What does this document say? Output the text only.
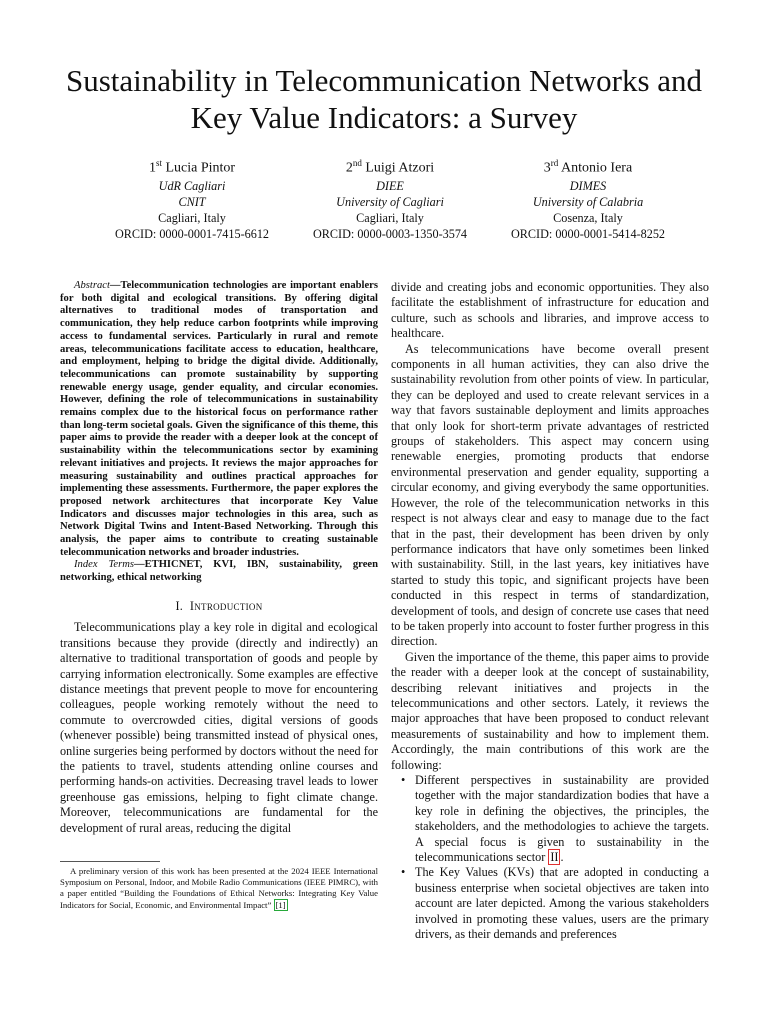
Sustainability in Telecommunication Networks and
Key Value Indicators: a Survey
1st Lucia Pintor
UdR Cagliari
CNIT
Cagliari, Italy
ORCID: 0000-0001-7415-6612
2nd Luigi Atzori
DIEE
University of Cagliari
Cagliari, Italy
ORCID: 0000-0003-1350-3574
3rd Antonio Iera
DIMES
University of Calabria
Cosenza, Italy
ORCID: 0000-0001-5414-8252

Abstract—Telecommunication technologies are important enablers for both digital and ecological transitions. By offering digital alternatives to traditional modes of transportation and communication, they help reduce carbon footprints while improving access to fundamental services. Particularly in rural and remote areas, telecommunications facilitate access to education, healthcare, and employment, helping to bridge the digital divide. Additionally, telecommunications can promote sustainability by supporting renewable energy usage, gender equality, and circular economies. However, defining the role of telecommunications in sustainability remains complex due to the historical focus on performance rather than long-term societal goals. Given the significance of this theme, this paper aims to provide the reader with a deeper look at the concept of sustainability within the telecommunications sector by examining relevant initiatives and projects. It reviews the major approaches for measuring sustainability and outlines practical approaches for implementing these assessments. Furthermore, the paper explores the proposed network architectures that incorporate Key Value Indicators and discusses major technologies in this area, such as Network Digital Twins and Intent-Based Networking. Through this analysis, the paper aims to contribute to creating sustainable telecommunication networks and broader industries.

Index Terms—ETHICNET, KVI, IBN, sustainability, green networking, ethical networking

I. Introduction

Telecommunications play a key role in digital and ecological transitions because they provide (directly and indirectly) an alternative to traditional transportation of goods and people by carrying information electronically. Some examples are effective distance meetings that prevent people to move for encountering colleagues, people working remotely without the need to commute to overcrowded cities, digital versions of goods (whenever possible) being transmitted instead of physical ones, online surgeries being performed by doctors without the need for the patients to travel, students attending online courses and performing hands-on activities. Decreasing travel leads to lower greenhouse gas emissions, helping to fight climate change. Moreover, telecommunications are fundamental for the development of rural areas, reducing the digital

divide and creating jobs and economic opportunities. They also facilitate the establishment of infrastructure for education and culture, such as schools and libraries, and improve access to healthcare.

As telecommunications have become overall present components in all human activities, they can also drive the sustainability revolution from other points of view. In particular, they can be deployed and used to create relevant services in a way that favors sustainable deployment and limits approaches that only look for short-term private advantages of restricted groups of stakeholders. This aspect may concern using renewable energies, promoting products that endorse environmental preservation and gender equality, supporting a circular economy, and giving everybody the same opportunities. However, the role of the telecommunication networks in this respect is not always clear and easy to manage due to the fact that in the past, their development has been driven by only performance indicators that have only sometimes been linked with sustainability. Still, in the last years, key initiatives have started to study this topic, and significant projects have been conducted in this respect in terms of standardization, development of tools, and design of concrete use cases that need to be taken properly into account to foster further progress in this direction.

Given the importance of the theme, this paper aims to provide the reader with a deeper look at the concept of sustainability, describing relevant initiatives and projects in the telecommunications and other sectors. Lately, it reviews the major approaches that have been proposed to conduct relevant measurements of sustainability and how to implement them. Accordingly, the main contributions of this work are the following:

• Different perspectives in sustainability are provided together with the major standardization bodies that have a key role in defining the objectives, the principles, the stakeholders, and the methodologies to achieve the targets. A special focus is given to sustainability in the telecommunications sector II .
• The Key Values (KVs) that are adopted in conducting a business enterprise when societal objectives are taken into account are later depicted. Among the various stakeholders involved in promoting these values, users are the primary drivers, as their demands and preferences
A preliminary version of this work has been presented at the 2024 IEEE International Symposium on Personal, Indoor, and Mobile Radio Communications (IEEE PIMRC), with a paper entitled “Building the Foundations of Ethical Networks: Integrating Key Value Indicators for Social, Economic, and Environmental Impact” [1]
